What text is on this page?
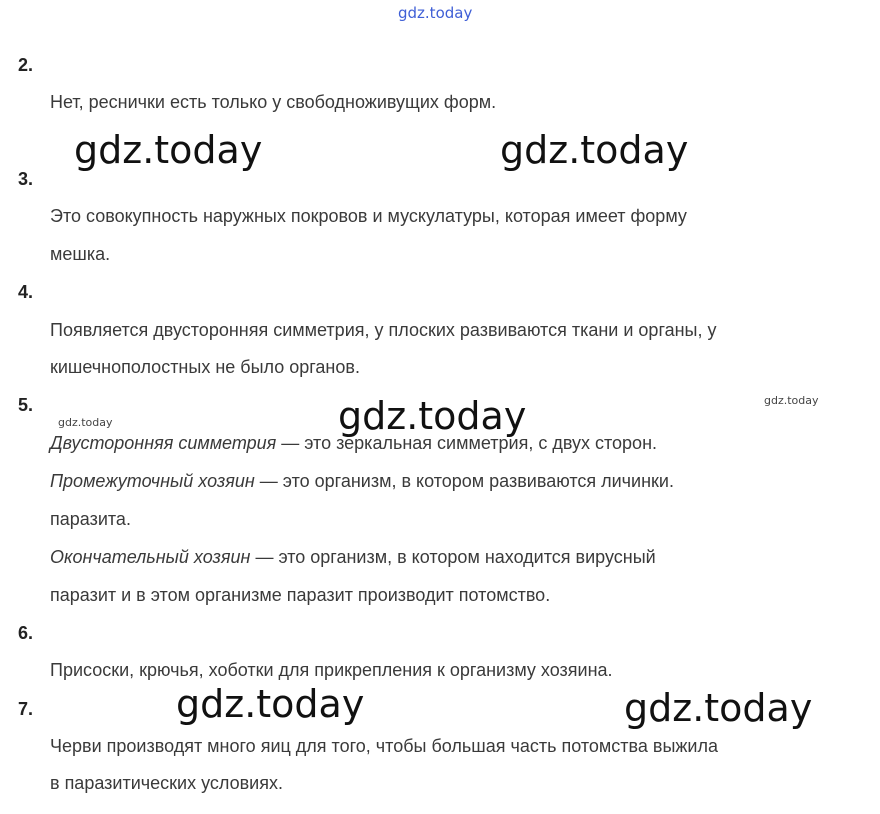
gdz.today
gdz.today	gdz.today
gdz.today
gdz.today	gdz.today
gdz.today
gdz.today
2.
Нет, реснички есть только у свободноживущих форм.
3.
Это совокупность наружных покровов и мускулатуры, которая имеет форму
мешка.
4.
Появляется двусторонняя симметрия, у плоских развиваются ткани и органы, у
кишечнополостных не было органов.
5.
Двусторонняя симметрия — это зеркальная симметрия, с двух сторон.
Промежуточный хозяин — это организм, в котором развиваются личинки.
паразита.
Окончательный хозяин — это организм, в котором находится вирусный
паразит и в этом организме паразит производит потомство.
6.
Присоски, крючья, хоботки для прикрепления к организму хозяина.
7.
Черви производят много яиц для того, чтобы большая часть потомства выжила
в паразитических условиях.
